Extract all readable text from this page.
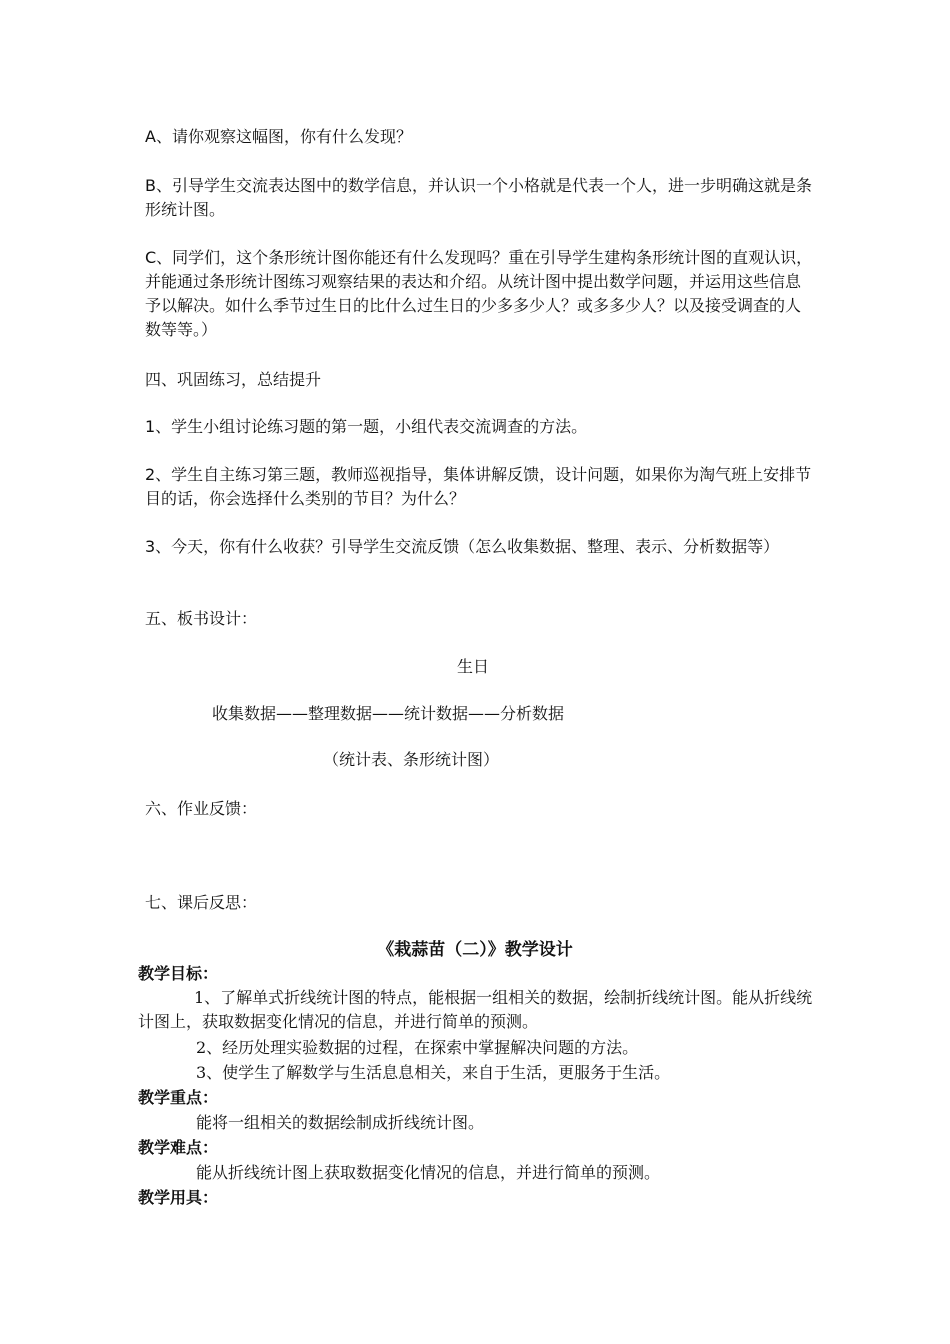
A、请你观察这幅图，你有什么发现？

B、引导学生交流表达图中的数学信息，并认识一个小格就是代表一个人，进一步明确这就是条形统计图。

C、同学们，这个条形统计图你能还有什么发现吗？重在引导学生建构条形统计图的直观认识，并能通过条形统计图练习观察结果的表达和介绍。从统计图中提出数学问题，并运用这些信息予以解决。如什么季节过生日的比什么过生日的少多多少人？或多多少人？以及接受调查的人数等等。）

四、巩固练习，总结提升

1、学生小组讨论练习题的第一题，小组代表交流调查的方法。

2、学生自主练习第三题，教师巡视指导，集体讲解反馈，设计问题，如果你为淘气班上安排节目的话，你会选择什么类别的节目？为什么？

3、今天，你有什么收获？引导学生交流反馈（怎么收集数据、整理、表示、分析数据等）

五、板书设计：

生日

收集数据——整理数据——统计数据——分析数据

（统计表、条形统计图）

六、作业反馈：

七、课后反思：

《栽蒜苗（二）》教学设计
教学目标：

1、了解单式折线统计图的特点，能根据一组相关的数据，绘制折线统计图。能从折线统计图上，获取数据变化情况的信息，并进行简单的预测。

2、经历处理实验数据的过程，在探索中掌握解决问题的方法。

3、使学生了解数学与生活息息相关，来自于生活，更服务于生活。

教学重点：

能将一组相关的数据绘制成折线统计图。

教学难点：

能从折线统计图上获取数据变化情况的信息，并进行简单的预测。

教学用具：
